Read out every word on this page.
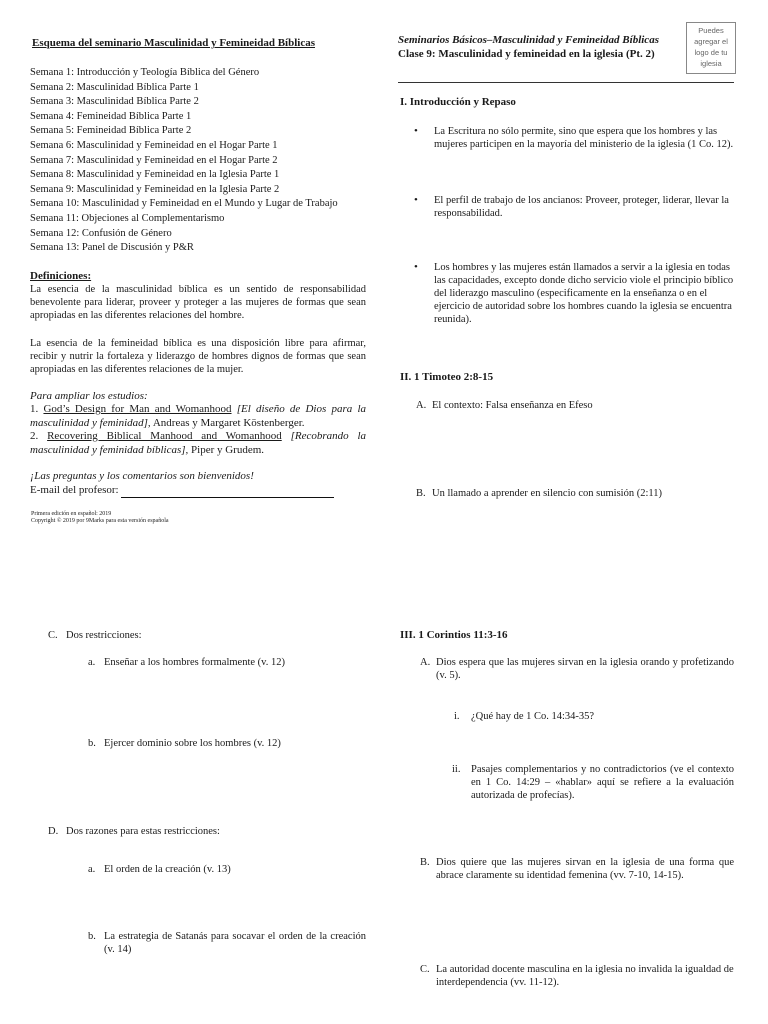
Esquema del seminario Masculinidad y Femineidad Bíblicas
Semana 1: Introducción y Teología Bíblica del Género
Semana 2: Masculinidad Bíblica Parte 1
Semana 3: Masculinidad Bíblica Parte 2
Semana 4: Femineidad Bíblica Parte 1
Semana 5: Femineidad Bíblica Parte 2
Semana 6: Masculinidad y Femineidad en el Hogar Parte 1
Semana 7: Masculinidad y Femineidad en el Hogar Parte 2
Semana 8: Masculinidad y Femineidad en la Iglesia Parte 1
Semana 9: Masculinidad y Femineidad en la Iglesia Parte 2
Semana 10: Masculinidad y Femineidad en el Mundo y Lugar de Trabajo
Semana 11: Objeciones al Complementarismo
Semana 12: Confusión de Género
Semana 13: Panel de Discusión y P&R
Definiciones:
La esencia de la masculinidad bíblica es un sentido de responsabilidad benevolente para liderar, proveer y proteger a las mujeres de formas que sean apropiadas en las diferentes relaciones del hombre.
La esencia de la femineidad bíblica es una disposición libre para afirmar, recibir y nutrir la fortaleza y liderazgo de hombres dignos de formas que sean apropiadas en las diferentes relaciones de la mujer.
Para ampliar los estudios:
1. God’s Design for Man and Womanhood [El diseño de Dios para la masculinidad y feminidad], Andreas y Margaret Köstenberger.
2. Recovering Biblical Manhood and Womanhood [Recobrando la masculinidad y feminidad bíblicas], Piper y Grudem.
¡Las preguntas y los comentarios son bienvenidos!
E-mail del profesor:
Primera edición en español: 2019
Copyright © 2019 por 9Marks para esta versión española
Seminarios Básicos–Masculinidad y Femineidad Bíblicas
Clase 9: Masculinidad y femineidad en la iglesia (Pt. 2)
Puedes
agregar el
logo de tu
iglesia
I. Introducción y Repaso
• La Escritura no sólo permite, sino que espera que los hombres y las mujeres participen en la mayoría del ministerio de la iglesia (1 Co. 12).
• El perfil de trabajo de los ancianos: Proveer, proteger, liderar, llevar la responsabilidad.
• Los hombres y las mujeres están llamados a servir a la iglesia en todas las capacidades, excepto donde dicho servicio viole el principio bíblico del liderazgo masculino (especificamente en la enseñanza o en el ejercicio de autoridad sobre los hombres cuando la iglesia se encuentra reunida).
II. 1 Timoteo 2:8-15
A. El contexto: Falsa enseñanza en Efeso
B. Un llamado a aprender en silencio con sumisión (2:11)
C. Dos restricciones:
a. Enseñar a los hombres formalmente (v. 12)
b. Ejercer dominio sobre los hombres (v. 12)
D. Dos razones para estas restricciones:
a. El orden de la creación (v. 13)
b. La estrategia de Satanás para socavar el orden de la creación (v. 14)
III. 1 Corintios 11:3-16
A. Dios espera que las mujeres sirvan en la iglesia orando y profetizando (v. 5).
i. ¿Qué hay de 1 Co. 14:34-35?
ii. Pasajes complementarios y no contradictorios (ve el contexto en 1 Co. 14:29 – «hablar» aquí se refiere a la evaluación autorizada de profecías).
B. Dios quiere que las mujeres sirvan en la iglesia de una forma que abrace claramente su identidad femenina (vv. 7-10, 14-15).
C. La autoridad docente masculina en la iglesia no invalida la igualdad de interdependencia (vv. 11-12).
